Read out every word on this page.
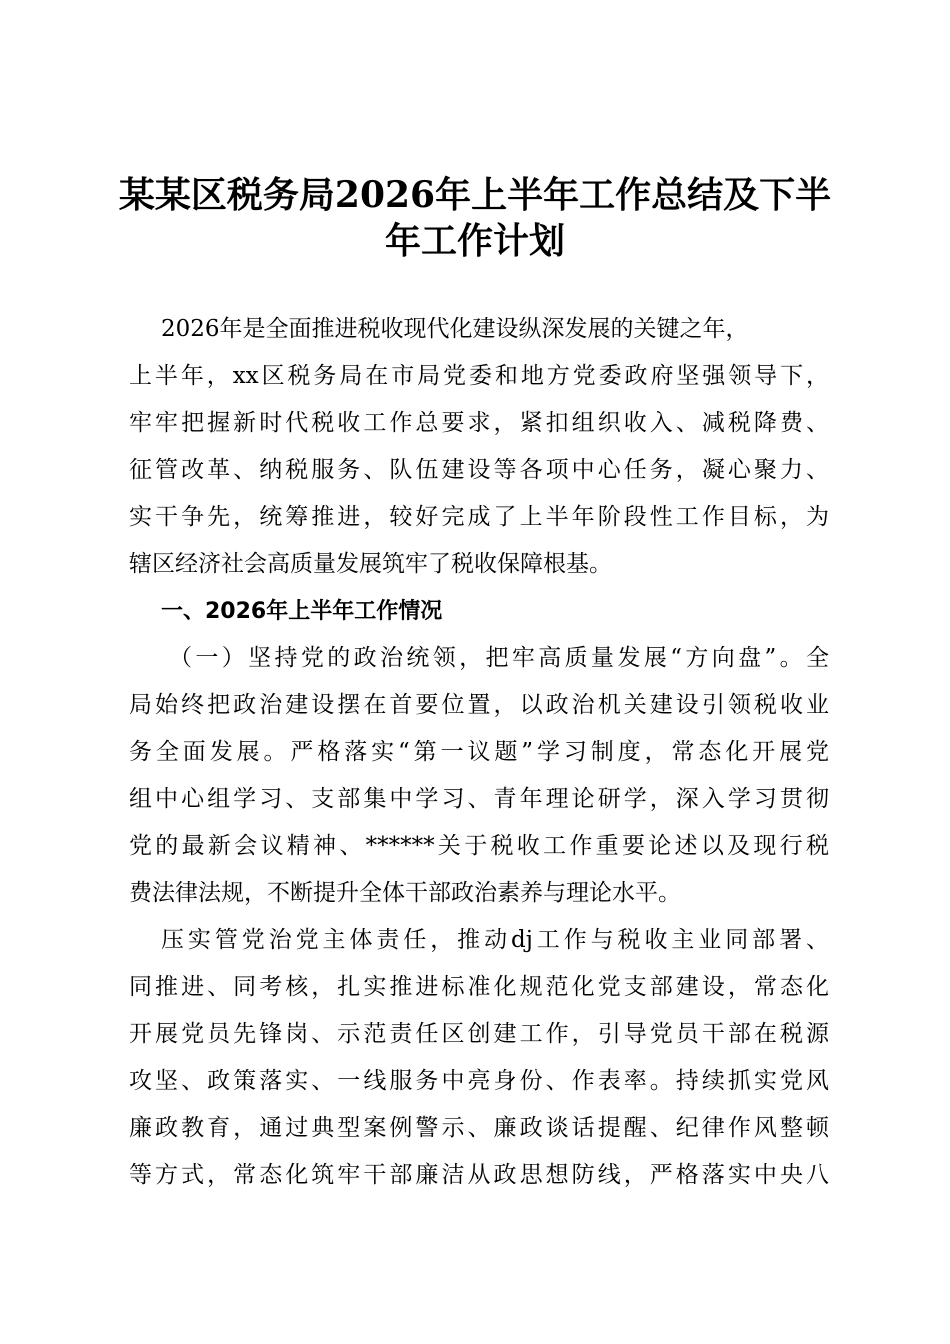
某某区税务局2026年上半年工作总结及下半
年工作计划
2026年是全面推进税收现代化建设纵深发展的关键之年，
上半年，xx区税务局在市局党委和地方党委政府坚强领导下，
牢牢把握新时代税收工作总要求，紧扣组织收入、减税降费、
征管改革、纳税服务、队伍建设等各项中心任务，凝心聚力、
实干争先，统筹推进，较好完成了上半年阶段性工作目标，为
辖区经济社会高质量发展筑牢了税收保障根基。
一、2026年上半年工作情况
（一）坚持党的政治统领，把牢高质量发展“方向盘”。全
局始终把政治建设摆在首要位置，以政治机关建设引领税收业
务全面发展。严格落实“第一议题”学习制度，常态化开展党
组中心组学习、支部集中学习、青年理论研学，深入学习贯彻
党的最新会议精神、******关于税收工作重要论述以及现行税
费法律法规，不断提升全体干部政治素养与理论水平。
压实管党治党主体责任，推动dj工作与税收主业同部署、
同推进、同考核，扎实推进标准化规范化党支部建设，常态化
开展党员先锋岗、示范责任区创建工作，引导党员干部在税源
攻坚、政策落实、一线服务中亮身份、作表率。持续抓实党风
廉政教育，通过典型案例警示、廉政谈话提醒、纪律作风整顿
等方式，常态化筑牢干部廉洁从政思想防线，严格落实中央八
